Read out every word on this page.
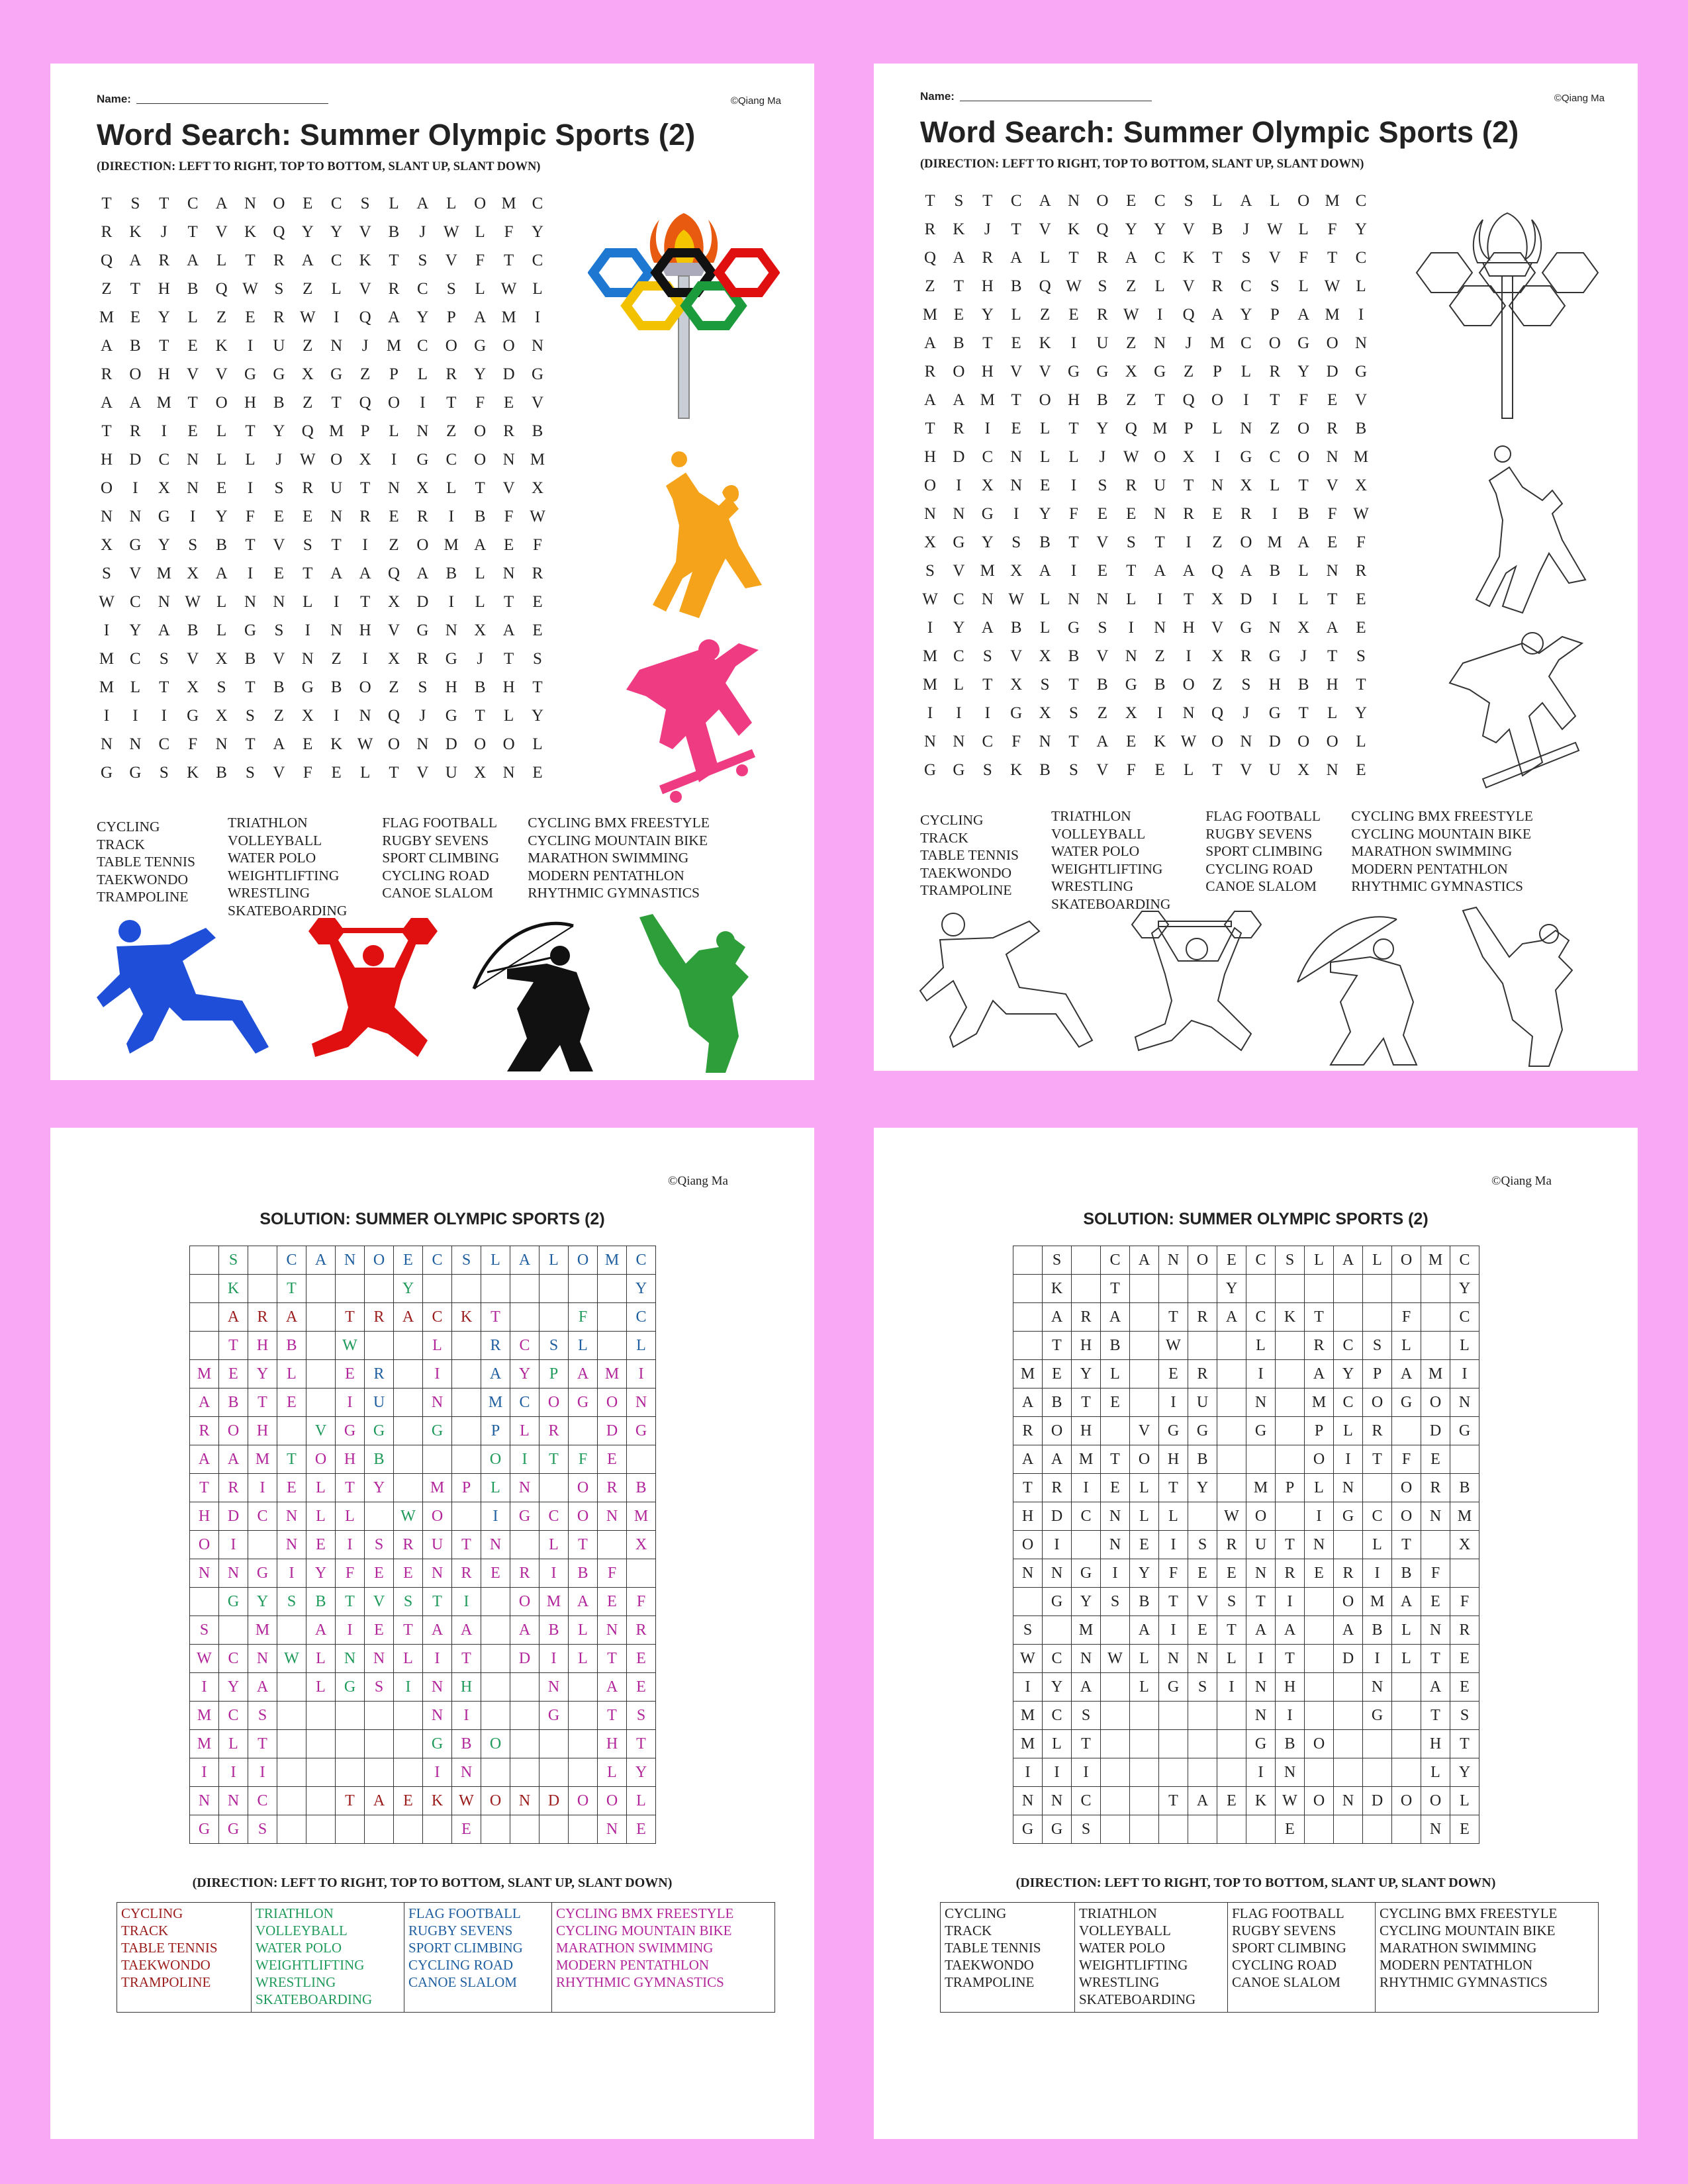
Name:	©Qiang Ma
Word Search: Summer Olympic Sports (2)
(DIRECTION: LEFT TO RIGHT, TOP TO BOTTOM, SLANT UP, SLANT DOWN)
T	S	T C A N O E C	S	L A L O M C
R K	J	T V K Q Y Y V B	J	W L	F	Y
Q A R A L T R A C K T	S	V	F	T C
Z T H B Q W S	Z L V R C	S	L W L
M E Y L Z E R W	I	Q A Y	P	A M	I
A B T E K	I	U Z N	J	M C O G O N
R O H V V G G X G Z	P	L R Y D G
A A M T O H B Z T Q O	I	T	F	E V
T R	I	E L T Y Q M	P	L N Z O R B
H D C N L L	J	W O X	I	G C O N M
O	I	X N E	I	S	R U T N X L T V X
N N G	I	Y	F	E E N R E R	I	B	F W
X G Y	S	B T V	S	T	I	Z O M A E	F
S	V M X A	I	E T A A Q A B L N R
W C N W L N N L	I	T X D	I	L T E
I	Y A B L G	S	I	N H V G N X A E
M C	S	V X B V N Z	I	X R G	J	T	S
M L T X	S	T B G B O Z	S	H B H T
I	I	I	G X	S	Z X	I	N Q	J	G T L Y
N N C	F	N T A E K W O N D O O L
G G	S	K B	S	V	F	E L T V U X N E
CYCLING
TRACK
TABLE TENNIS
TAEKWONDO
TRAMPOLINE
TRIATHLON
VOLLEYBALL
WATER POLO
WEIGHTLIFTING
WRESTLING
SKATEBOARDING
FLAG FOOTBALL
RUGBY SEVENS
SPORT CLIMBING
CYCLING ROAD
CANOE SLALOM
CYCLING BMX FREESTYLE
CYCLING MOUNTAIN BIKE
MARATHON SWIMMING
MODERN PENTATHLON
RHYTHMIC GYMNASTICS
Name:	©Qiang Ma
Word Search: Summer Olympic Sports (2)
(DIRECTION: LEFT TO RIGHT, TOP TO BOTTOM, SLANT UP, SLANT DOWN)
T	S	T C A N O E C	S	L A L O M C
R K	J	T V K Q Y Y V B	J	W L	F	Y
Q A R A L T R A C K T	S	V	F	T C
Z T H B Q W S	Z L V R C	S	L W L
M E Y L Z E R W	I	Q A Y	P	A M	I
A B T E K	I	U Z N	J	M C O G O N
R O H V V G G X G Z	P	L R Y D G
A A M T O H B Z T Q O	I	T	F	E V
T R	I	E L T Y Q M	P	L N Z O R B
H D C N L L	J	W O X	I	G C O N M
O	I	X N E	I	S	R U T N X L T V X
N N G	I	Y	F	E E N R E R	I	B	F W
X G Y	S	B T V	S	T	I	Z O M A E	F
S	V M X A	I	E T A A Q A B L N R
W C N W L N N L	I	T X D	I	L T E
I	Y A B L G	S	I	N H V G N X A E
M C	S	V X B V N Z	I	X R G	J	T	S
M L T X	S	T B G B O Z	S	H B H T
I	I	I	G X	S	Z X	I	N Q	J	G T L Y
N N C	F	N T A E K W O N D O O L
G G	S	K B	S	V	F	E L T V U X N E
CYCLING
TRACK
TABLE TENNIS
TAEKWONDO
TRAMPOLINE
TRIATHLON
VOLLEYBALL
WATER POLO
WEIGHTLIFTING
WRESTLING
SKATEBOARDING
FLAG FOOTBALL
RUGBY SEVENS
SPORT CLIMBING
CYCLING ROAD
CANOE SLALOM
CYCLING BMX FREESTYLE
CYCLING MOUNTAIN BIKE
MARATHON SWIMMING
MODERN PENTATHLON
RHYTHMIC GYMNASTICS
©Qiang Ma
SOLUTION: SUMMER OLYMPIC SPORTS (2)
	S		C	A	N	O	E	C	S	L	A	L	O	M	C
	K		T				Y								Y
	A	R	A		T	R	A	C	K	T			F		C
	T	H	B		W			L		R	C	S	L		L
M	E	Y	L		E	R		I		A	Y	P	A	M	I
A	B	T	E		I	U		N		M	C	O	G	O	N
R	O	H		V	G	G		G		P	L	R		D	G
A	A	M	T	O	H	B				O	I	T	F	E	
T	R	I	E	L	T	Y		M	P	L	N		O	R	B
H	D	C	N	L	L		W	O		I	G	C	O	N	M
O	I		N	E	I	S	R	U	T	N		L	T		X
N	N	G	I	Y	F	E	E	N	R	E	R	I	B	F	
	G	Y	S	B	T	V	S	T	I		O	M	A	E	F
S		M		A	I	E	T	A	A		A	B	L	N	R
W	C	N	W	L	N	N	L	I	T		D	I	L	T	E
I	Y	A		L	G	S	I	N	H			N		A	E
M	C	S						N	I			G		T	S
M	L	T						G	B	O				H	T
I	I	I						I	N					L	Y
N	N	C			T	A	E	K	W	O	N	D	O	O	L
G	G	S							E					N	E
(DIRECTION: LEFT TO RIGHT, TOP TO BOTTOM, SLANT UP, SLANT DOWN)
CYCLING
TRACK
TABLE TENNIS
TAEKWONDO
TRAMPOLINE

TRIATHLON
VOLLEYBALL
WATER POLO
WEIGHTLIFTING
WRESTLING
SKATEBOARDING

FLAG FOOTBALL
RUGBY SEVENS
SPORT CLIMBING
CYCLING ROAD
CANOE SLALOM

CYCLING BMX FREESTYLE
CYCLING MOUNTAIN BIKE
MARATHON SWIMMING
MODERN PENTATHLON
RHYTHMIC GYMNASTICS
©Qiang Ma
SOLUTION: SUMMER OLYMPIC SPORTS (2)
	S		C	A	N	O	E	C	S	L	A	L	O	M	C
	K		T				Y								Y
	A	R	A		T	R	A	C	K	T			F		C
	T	H	B		W			L		R	C	S	L		L
M	E	Y	L		E	R		I		A	Y	P	A	M	I
A	B	T	E		I	U		N		M	C	O	G	O	N
R	O	H		V	G	G		G		P	L	R		D	G
A	A	M	T	O	H	B				O	I	T	F	E	
T	R	I	E	L	T	Y		M	P	L	N		O	R	B
H	D	C	N	L	L		W	O		I	G	C	O	N	M
O	I		N	E	I	S	R	U	T	N		L	T		X
N	N	G	I	Y	F	E	E	N	R	E	R	I	B	F	
	G	Y	S	B	T	V	S	T	I		O	M	A	E	F
S		M		A	I	E	T	A	A		A	B	L	N	R
W	C	N	W	L	N	N	L	I	T		D	I	L	T	E
I	Y	A		L	G	S	I	N	H			N		A	E
M	C	S						N	I			G		T	S
M	L	T						G	B	O				H	T
I	I	I						I	N					L	Y
N	N	C			T	A	E	K	W	O	N	D	O	O	L
G	G	S							E					N	E
(DIRECTION: LEFT TO RIGHT, TOP TO BOTTOM, SLANT UP, SLANT DOWN)
CYCLING
TRACK
TABLE TENNIS
TAEKWONDO
TRAMPOLINE

TRIATHLON
VOLLEYBALL
WATER POLO
WEIGHTLIFTING
WRESTLING
SKATEBOARDING

FLAG FOOTBALL
RUGBY SEVENS
SPORT CLIMBING
CYCLING ROAD
CANOE SLALOM

CYCLING BMX FREESTYLE
CYCLING MOUNTAIN BIKE
MARATHON SWIMMING
MODERN PENTATHLON
RHYTHMIC GYMNASTICS
